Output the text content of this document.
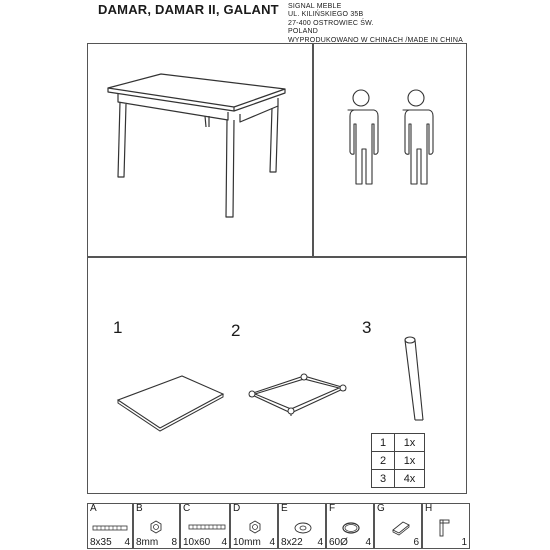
DAMAR, DAMAR II, GALANT SIGNAL MEBLE
UL. KILIŃSKIEGO 35B
27-400 OSTROWIEC ŚW.
POLAND
WYPRODUKOWANO W CHINACH /MADE IN CHINA
1	2	3
1	1x
2	1x
3	4x
A
8x35 4
B
8mm 8
C
10x60 4
D
10mm 4
E
8x22 4
F
60Ø 4
G
6
H
1
